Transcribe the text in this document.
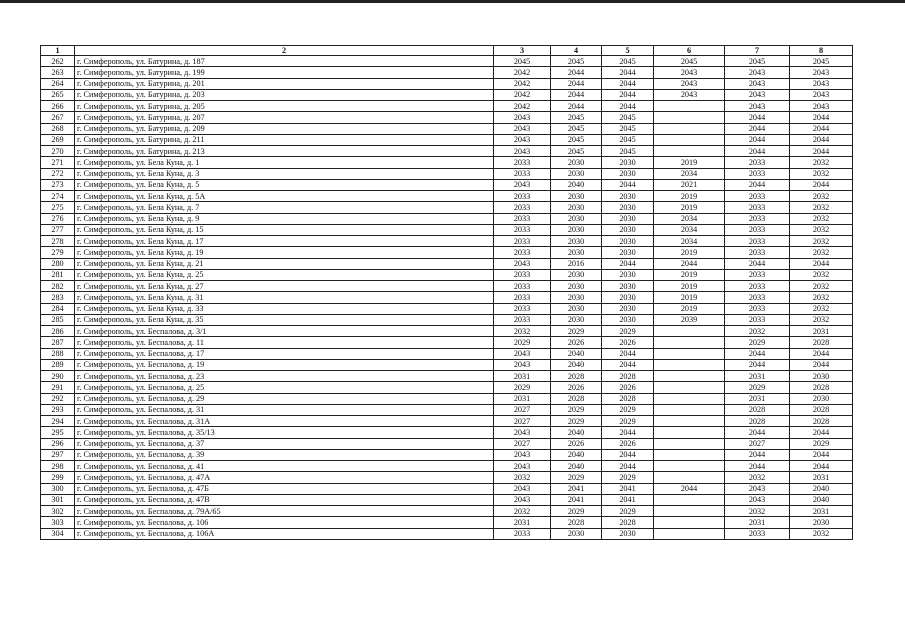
1	2	3	4	5	6	7	8
262	г. Симферополь, ул. Батурина, д. 187	2045	2045	2045	2045	2045	2045
263	г. Симферополь, ул. Батурина, д. 199	2042	2044	2044	2043	2043	2043
264	г. Симферополь, ул. Батурина, д. 201	2042	2044	2044	2043	2043	2043
265	г. Симферополь, ул. Батурина, д. 203	2042	2044	2044	2043	2043	2043
266	г. Симферополь, ул. Батурина, д. 205	2042	2044	2044		2043	2043
267	г. Симферополь, ул. Батурина, д. 207	2043	2045	2045		2044	2044
268	г. Симферополь, ул. Батурина, д. 209	2043	2045	2045		2044	2044
269	г. Симферополь, ул. Батурина, д. 211	2043	2045	2045		2044	2044
270	г. Симферополь, ул. Батурина, д. 213	2043	2045	2045		2044	2044
271	г. Симферополь, ул. Бела Куна, д. 1	2033	2030	2030	2019	2033	2032
272	г. Симферополь, ул. Бела Куна, д. 3	2033	2030	2030	2034	2033	2032
273	г. Симферополь, ул. Бела Куна, д. 5	2043	2040	2044	2021	2044	2044
274	г. Симферополь, ул. Бела Куна, д. 5А	2033	2030	2030	2019	2033	2032
275	г. Симферополь, ул. Бела Куна, д. 7	2033	2030	2030	2019	2033	2032
276	г. Симферополь, ул. Бела Куна, д. 9	2033	2030	2030	2034	2033	2032
277	г. Симферополь, ул. Бела Куна, д. 15	2033	2030	2030	2034	2033	2032
278	г. Симферополь, ул. Бела Куна, д. 17	2033	2030	2030	2034	2033	2032
279	г. Симферополь, ул. Бела Куна, д. 19	2033	2030	2030	2019	2033	2032
280	г. Симферополь, ул. Бела Куна, д. 21	2043	2016	2044	2044	2044	2044
281	г. Симферополь, ул. Бела Куна, д. 25	2033	2030	2030	2019	2033	2032
282	г. Симферополь, ул. Бела Куна, д. 27	2033	2030	2030	2019	2033	2032
283	г. Симферополь, ул. Бела Куна, д. 31	2033	2030	2030	2019	2033	2032
284	г. Симферополь, ул. Бела Куна, д. 33	2033	2030	2030	2019	2033	2032
285	г. Симферополь, ул. Бела Куна, д. 35	2033	2030	2030	2039	2033	2032
286	г. Симферополь, ул. Беспалова, д. 3/1	2032	2029	2029		2032	2031
287	г. Симферополь, ул. Беспалова, д. 11	2029	2026	2026		2029	2028
288	г. Симферополь, ул. Беспалова, д. 17	2043	2040	2044		2044	2044
289	г. Симферополь, ул. Беспалова, д. 19	2043	2040	2044		2044	2044
290	г. Симферополь, ул. Беспалова, д. 23	2031	2028	2028		2031	2030
291	г. Симферополь, ул. Беспалова, д. 25	2029	2026	2026		2029	2028
292	г. Симферополь, ул. Беспалова, д. 29	2031	2028	2028		2031	2030
293	г. Симферополь, ул. Беспалова, д. 31	2027	2029	2029		2028	2028
294	г. Симферополь, ул. Беспалова, д. 31А	2027	2029	2029		2028	2028
295	г. Симферополь, ул. Беспалова, д. 35/13	2043	2040	2044		2044	2044
296	г. Симферополь, ул. Беспалова, д. 37	2027	2026	2026		2027	2029
297	г. Симферополь, ул. Беспалова, д. 39	2043	2040	2044		2044	2044
298	г. Симферополь, ул. Беспалова, д. 41	2043	2040	2044		2044	2044
299	г. Симферополь, ул. Беспалова, д. 47А	2032	2029	2029		2032	2031
300	г. Симферополь, ул. Беспалова, д. 47Б	2043	2041	2041	2044	2043	2040
301	г. Симферополь, ул. Беспалова, д. 47В	2043	2041	2041		2043	2040
302	г. Симферополь, ул. Беспалова, д. 79А/65	2032	2029	2029		2032	2031
303	г. Симферополь, ул. Беспалова, д. 106	2031	2028	2028		2031	2030
304	г. Симферополь, ул. Беспалова, д. 106А	2033	2030	2030		2033	2032
